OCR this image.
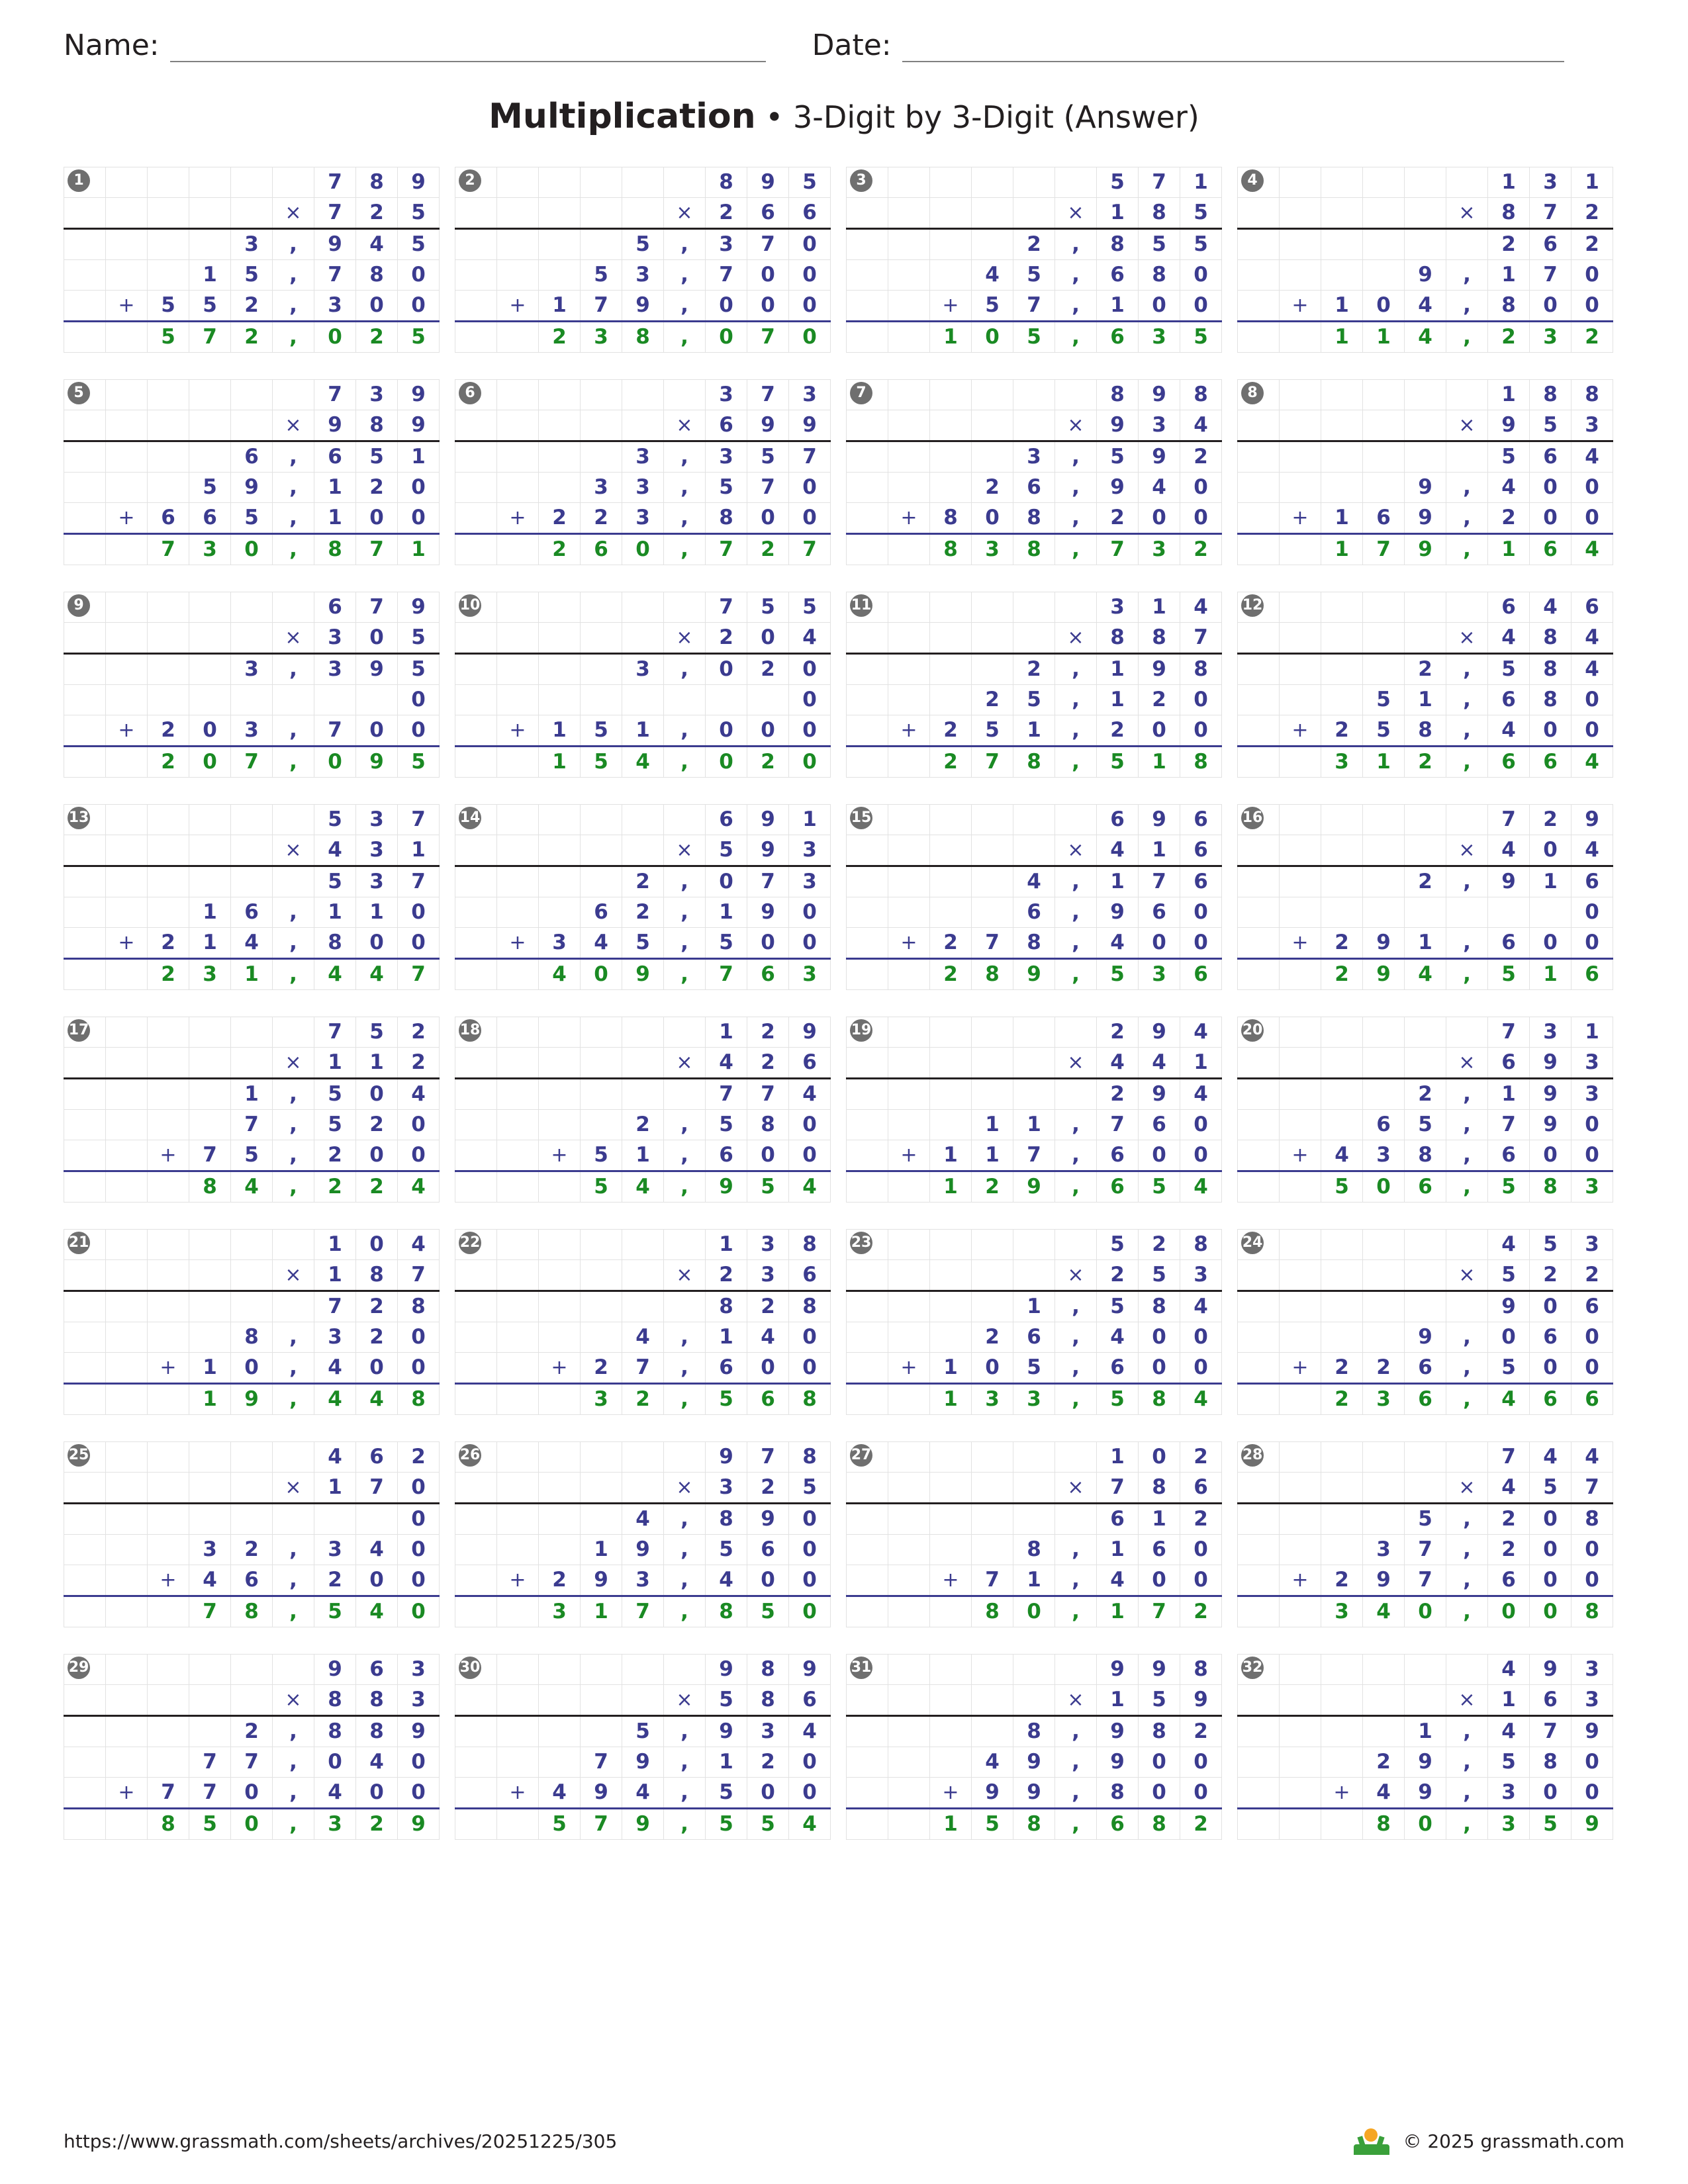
Name:	Date:
Multiplication • 3-Digit by 3-Digit (Answer)
1
							7	8	9
					×	7	2	5
				3	,	9	4	5
			1	5	,	7	8	0
	+	5	5	2	,	3	0	0
		5	7	2	,	0	2	5
2
							8	9	5
					×	2	6	6
				5	,	3	7	0
			5	3	,	7	0	0
	+	1	7	9	,	0	0	0
		2	3	8	,	0	7	0
3
							5	7	1
					×	1	8	5
				2	,	8	5	5
			4	5	,	6	8	0
		+	5	7	,	1	0	0
		1	0	5	,	6	3	5
4
							1	3	1
					×	8	7	2
						2	6	2
				9	,	1	7	0
	+	1	0	4	,	8	0	0
		1	1	4	,	2	3	2
5
							7	3	9
					×	9	8	9
				6	,	6	5	1
			5	9	,	1	2	0
	+	6	6	5	,	1	0	0
		7	3	0	,	8	7	1
6
							3	7	3
					×	6	9	9
				3	,	3	5	7
			3	3	,	5	7	0
	+	2	2	3	,	8	0	0
		2	6	0	,	7	2	7
7
							8	9	8
					×	9	3	4
				3	,	5	9	2
			2	6	,	9	4	0
	+	8	0	8	,	2	0	0
		8	3	8	,	7	3	2
8
							1	8	8
					×	9	5	3
						5	6	4
				9	,	4	0	0
	+	1	6	9	,	2	0	0
		1	7	9	,	1	6	4
9
							6	7	9
					×	3	0	5
				3	,	3	9	5
								0
	+	2	0	3	,	7	0	0
		2	0	7	,	0	9	5
10
							7	5	5
					×	2	0	4
				3	,	0	2	0
								0
	+	1	5	1	,	0	0	0
		1	5	4	,	0	2	0
11
							3	1	4
					×	8	8	7
				2	,	1	9	8
			2	5	,	1	2	0
	+	2	5	1	,	2	0	0
		2	7	8	,	5	1	8
12
							6	4	6
					×	4	8	4
				2	,	5	8	4
			5	1	,	6	8	0
	+	2	5	8	,	4	0	0
		3	1	2	,	6	6	4
13
							5	3	7
					×	4	3	1
						5	3	7
			1	6	,	1	1	0
	+	2	1	4	,	8	0	0
		2	3	1	,	4	4	7
14
							6	9	1
					×	5	9	3
				2	,	0	7	3
			6	2	,	1	9	0
	+	3	4	5	,	5	0	0
		4	0	9	,	7	6	3
15
							6	9	6
					×	4	1	6
				4	,	1	7	6
				6	,	9	6	0
	+	2	7	8	,	4	0	0
		2	8	9	,	5	3	6
16
							7	2	9
					×	4	0	4
				2	,	9	1	6
								0
	+	2	9	1	,	6	0	0
		2	9	4	,	5	1	6
17
							7	5	2
					×	1	1	2
				1	,	5	0	4
				7	,	5	2	0
		+	7	5	,	2	0	0
			8	4	,	2	2	4
18
							1	2	9
					×	4	2	6
						7	7	4
				2	,	5	8	0
		+	5	1	,	6	0	0
			5	4	,	9	5	4
19
							2	9	4
					×	4	4	1
						2	9	4
			1	1	,	7	6	0
	+	1	1	7	,	6	0	0
		1	2	9	,	6	5	4
20
							7	3	1
					×	6	9	3
				2	,	1	9	3
			6	5	,	7	9	0
	+	4	3	8	,	6	0	0
		5	0	6	,	5	8	3
21
							1	0	4
					×	1	8	7
						7	2	8
				8	,	3	2	0
		+	1	0	,	4	0	0
			1	9	,	4	4	8
22
							1	3	8
					×	2	3	6
						8	2	8
				4	,	1	4	0
		+	2	7	,	6	0	0
			3	2	,	5	6	8
23
							5	2	8
					×	2	5	3
				1	,	5	8	4
			2	6	,	4	0	0
	+	1	0	5	,	6	0	0
		1	3	3	,	5	8	4
24
							4	5	3
					×	5	2	2
						9	0	6
				9	,	0	6	0
	+	2	2	6	,	5	0	0
		2	3	6	,	4	6	6
25
							4	6	2
					×	1	7	0
								0
			3	2	,	3	4	0
		+	4	6	,	2	0	0
			7	8	,	5	4	0
26
							9	7	8
					×	3	2	5
				4	,	8	9	0
			1	9	,	5	6	0
	+	2	9	3	,	4	0	0
		3	1	7	,	8	5	0
27
							1	0	2
					×	7	8	6
						6	1	2
				8	,	1	6	0
		+	7	1	,	4	0	0
			8	0	,	1	7	2
28
							7	4	4
					×	4	5	7
				5	,	2	0	8
			3	7	,	2	0	0
	+	2	9	7	,	6	0	0
		3	4	0	,	0	0	8
29
							9	6	3
					×	8	8	3
				2	,	8	8	9
			7	7	,	0	4	0
	+	7	7	0	,	4	0	0
		8	5	0	,	3	2	9
30
							9	8	9
					×	5	8	6
				5	,	9	3	4
			7	9	,	1	2	0
	+	4	9	4	,	5	0	0
		5	7	9	,	5	5	4
31
							9	9	8
					×	1	5	9
				8	,	9	8	2
			4	9	,	9	0	0
		+	9	9	,	8	0	0
		1	5	8	,	6	8	2
32
							4	9	3
					×	1	6	3
				1	,	4	7	9
			2	9	,	5	8	0
		+	4	9	,	3	0	0
			8	0	,	3	5	9
https://www.grassmath.com/sheets/archives/20251225/305	© 2025 grassmath.com
